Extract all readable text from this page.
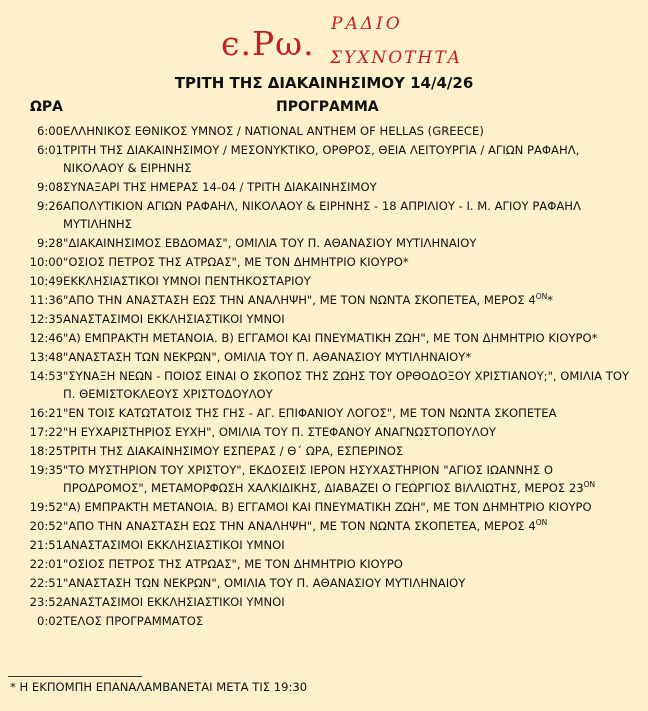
ϵ.Ρω. ΡΑΔΙΟ
ΣΥΧΝΟΤΗΤΑ
ΤΡΙΤΗ ΤΗΣ ΔΙΑΚΑΙΝΗΣΙΜΟΥ 14/4/26
ΩΡΑ	ΠΡΟΓΡΑΜΜΑ
6:00	ΕΛΛΗΝΙΚΟΣ ΕΘΝΙΚΟΣ ΥΜΝΟΣ / NATIONAL ANTHEM OF HELLAS (GREECE)
6:01	ΤΡΙΤΗ ΤΗΣ ΔΙΑΚΑΙΝΗΣΙΜΟΥ / ΜΕΣΟΝΥΚΤΙΚΟ, ΟΡΘΡΟΣ, ΘΕΙΑ ΛΕΙΤΟΥΡΓΙΑ / ΑΓΙΩΝ ΡΑΦΑΗΛ, ΝΙΚΟΛΑΟΥ & ΕΙΡΗΝΗΣ
9:08	ΣΥΝΑΞΑΡΙ ΤΗΣ ΗΜΕΡΑΣ 14-04 / ΤΡΙΤΗ ΔΙΑΚΑΙΝΗΣΙΜΟΥ
9:26	ΑΠΟΛΥΤΙΚΙΟΝ ΑΓΙΩΝ ΡΑΦΑΗΛ, ΝΙΚΟΛΑΟΥ & ΕΙΡΗΝΗΣ - 18 ΑΠΡΙΛΙΟΥ - Ι. Μ. ΑΓΙΟΥ ΡΑΦΑΗΛ ΜΥΤΙΛΗΝΗΣ
9:28	"ΔΙΑΚΑΙΝΗΣΙΜΟΣ ΕΒΔΟΜΑΣ", ΟΜΙΛΙΑ ΤΟΥ Π. ΑΘΑΝΑΣΙΟΥ ΜΥΤΙΛΗΝΑΙΟΥ
10:00	"ΟΣΙΟΣ ΠΕΤΡΟΣ ΤΗΣ ΑΤΡΩΑΣ", ΜΕ ΤΟΝ ΔΗΜΗΤΡΙΟ ΚΙΟΥΡΟ*
10:49	ΕΚΚΛΗΣΙΑΣΤΙΚΟΙ ΥΜΝΟΙ ΠΕΝΤΗΚΟΣΤΑΡΙΟΥ
11:36	"ΑΠΟ ΤΗΝ ΑΝΑΣΤΑΣΗ ΕΩΣ ΤΗΝ ΑΝΑΛΗΨΗ", ΜΕ ΤΟΝ ΝΩΝΤΑ ΣΚΟΠΕΤΕΑ, ΜΕΡΟΣ $4^{ON}*$
12:35	ΑΝΑΣΤΑΣΙΜΟΙ ΕΚΚΛΗΣΙΑΣΤΙΚΟΙ ΥΜΝΟΙ
12:46	"Α) ΕΜΠΡΑΚΤΗ ΜΕΤΑΝΟΙΑ. Β) ΕΓΓΑΜΟΙ ΚΑΙ ΠΝΕΥΜΑΤΙΚΗ ΖΩΗ", ΜΕ ΤΟΝ ΔΗΜΗΤΡΙΟ ΚΙΟΥΡΟ*
13:48	"ΑΝΑΣΤΑΣΗ ΤΩΝ ΝΕΚΡΩΝ", ΟΜΙΛΙΑ ΤΟΥ Π. ΑΘΑΝΑΣΙΟΥ ΜΥΤΙΛΗΝΑΙΟΥ*
14:53	"ΣΥΝΑΞΗ ΝΕΩΝ - ΠΟΙΟΣ ΕΙΝΑΙ Ο ΣΚΟΠΟΣ ΤΗΣ ΖΩΗΣ ΤΟΥ ΟΡΘΟΔΟΞΟΥ ΧΡΙΣΤΙΑΝΟΥ;", ΟΜΙΛΙΑ ΤΟΥ Π. ΘΕΜΙΣΤΟΚΛΕΟΥΣ ΧΡΙΣΤΟΔΟΥΛΟΥ
16:21	"ΕΝ ΤΟΙΣ ΚΑΤΩΤΑΤΟΙΣ ΤΗΣ ΓΗΣ - ΑΓ. ΕΠΙΦΑΝΙΟΥ ΛΟΓΟΣ", ΜΕ ΤΟΝ ΝΩΝΤΑ ΣΚΟΠΕΤΕΑ
17:22	"Η ΕΥΧΑΡΙΣΤΗΡΙΟΣ ΕΥΧΗ", ΟΜΙΛΙΑ ΤΟΥ Π. ΣΤΕΦΑΝΟΥ ΑΝΑΓΝΩΣΤΟΠΟΥΛΟΥ
18:25	ΤΡΙΤΗ ΤΗΣ ΔΙΑΚΑΙΝΗΣΙΜΟΥ ΕΣΠΕΡΑΣ / Θ΄ ΩΡΑ, ΕΣΠΕΡΙΝΟΣ
19:35	"ΤΟ ΜΥΣΤΗΡΙΟΝ ΤΟΥ ΧΡΙΣΤΟΥ", ΕΚΔΟΣΕΙΣ ΙΕΡΟΝ ΗΣΥΧΑΣΤΗΡΙΟΝ "ΑΓΙΟΣ ΙΩΑΝΝΗΣ Ο ΠΡΟΔΡΟΜΟΣ", ΜΕΤΑΜΟΡΦΩΣΗ ΧΑΛΚΙΔΙΚΗΣ, ΔΙΑΒΑΖΕΙ Ο ΓΕΩΡΓΙΟΣ ΒΙΛΛΙΩΤΗΣ, ΜΕΡΟΣ $23^{ON}$
19:52	"Α) ΕΜΠΡΑΚΤΗ ΜΕΤΑΝΟΙΑ. Β) ΕΓΓΑΜΟΙ ΚΑΙ ΠΝΕΥΜΑΤΙΚΗ ΖΩΗ", ΜΕ ΤΟΝ ΔΗΜΗΤΡΙΟ ΚΙΟΥΡΟ
20:52	"ΑΠΟ ΤΗΝ ΑΝΑΣΤΑΣΗ ΕΩΣ ΤΗΝ ΑΝΑΛΗΨΗ", ΜΕ ΤΟΝ ΝΩΝΤΑ ΣΚΟΠΕΤΕΑ, ΜΕΡΟΣ $4^{ON}$
21:51	ΑΝΑΣΤΑΣΙΜΟΙ ΕΚΚΛΗΣΙΑΣΤΙΚΟΙ ΥΜΝΟΙ
22:01	"ΟΣΙΟΣ ΠΕΤΡΟΣ ΤΗΣ ΑΤΡΩΑΣ", ΜΕ ΤΟΝ ΔΗΜΗΤΡΙΟ ΚΙΟΥΡΟ
22:51	"ΑΝΑΣΤΑΣΗ ΤΩΝ ΝΕΚΡΩΝ", ΟΜΙΛΙΑ ΤΟΥ Π. ΑΘΑΝΑΣΙΟΥ ΜΥΤΙΛΗΝΑΙΟΥ
23:52	ΑΝΑΣΤΑΣΙΜΟΙ ΕΚΚΛΗΣΙΑΣΤΙΚΟΙ ΥΜΝΟΙ
0:02	ΤΕΛΟΣ ΠΡΟΓΡΑΜΜΑΤΟΣ
* Η ΕΚΠΟΜΠΗ ΕΠΑΝΑΛΑΜΒΑΝΕΤΑΙ ΜΕΤΑ ΤΙΣ 19:30
